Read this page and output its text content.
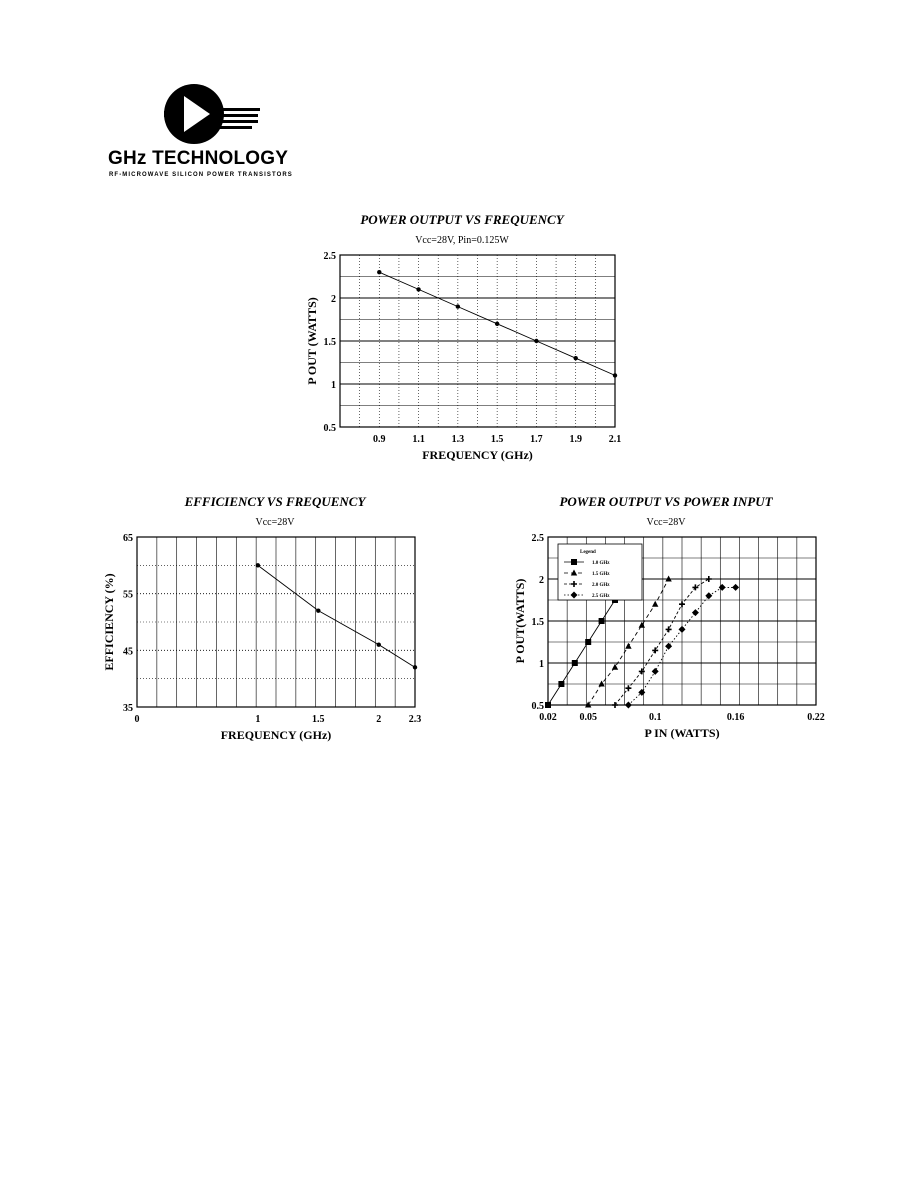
GHz TECHNOLOGY
RF-MICROWAVE SILICON POWER TRANSISTORS
POWER OUTPUT VS FREQUENCY
Vcc=28V, Pin=0.125W
0.9	1.1	1.3	1.5	1.7	1.9	2.1
0.5
1
1.5
2
2.5
FREQUENCY (GHz)
P OUT (WATTS)
EFFICIENCY VS FREQUENCY
Vcc=28V
0	1	1.5	2	2.3
35
45
55
65
FREQUENCY (GHz)
EFFICIENCY (%)
POWER OUTPUT VS POWER INPUT
Vcc=28V
0.02 0.05	0.1	0.16	0.22
0.5
1
1.5
2
2.5
P IN (WATTS)
P OUT(WATTS)
Legend
1.0 GHz
1.5 GHz
2.0 GHz
2.5 GHz
